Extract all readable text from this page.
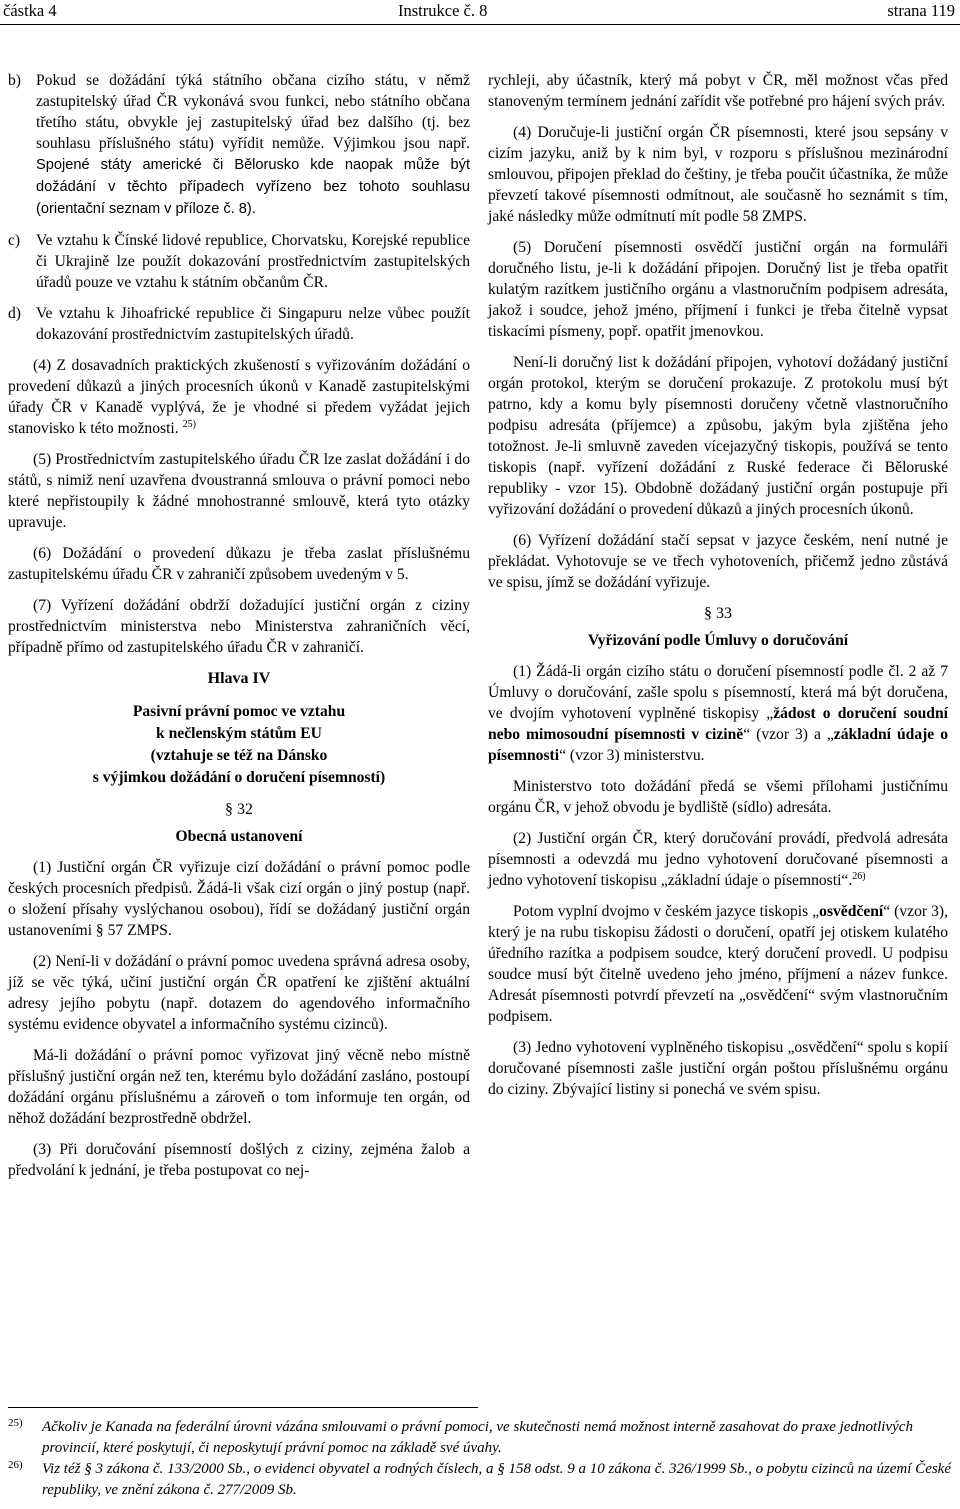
částka 4	Instrukce č. 8	strana 119
b) Pokud se dožádání týká státního občana cizího státu, v němž zastupitelský úřad ČR vykonává svou funkci, nebo státního občana třetího státu, obvykle jej zastupitelský úřad bez dalšího (tj. bez souhlasu příslušného státu) vyřídit nemůže. Výjimkou jsou např. Spojené státy americké či Bělorusko kde naopak může být dožádání v těchto případech vyřízeno bez tohoto souhlasu (orientační seznam v příloze č. 8).
c)	Ve vztahu k Čínské lidové republice, Chorvatsku, Korejské republice či Ukrajině lze použít dokazování prostřednictvím zastupitelských úřadů pouze ve vztahu k státním občanům ČR.
d) Ve vztahu k Jihoafrické republice či Singapuru nelze vůbec použít dokazování prostřednictvím zastupitelských úřadů.

(4) Z dosavadních praktických zkušeností s vyřizováním dožádání o provedení důkazů a jiných procesních úkonů v Kanadě zastupitelskými úřady ČR v Kanadě vyplývá, že je vhodné si předem vyžádat jejich stanovisko k této možnosti. $^{25)}$

(5) Prostřednictvím zastupitelského úřadu ČR lze zaslat dožádání i do států, s nimiž není uzavřena dvoustranná smlouva o právní pomoci nebo které nepřistoupily k žádné mnohostranné smlouvě, která tyto otázky upravuje.

(6) Dožádání o provedení důkazu je třeba zaslat příslušnému zastupitelskému úřadu ČR v zahraničí způsobem uvedeným v 5.

(7) Vyřízení dožádání obdrží dožadující justiční orgán z ciziny prostřednictvím ministerstva nebo Ministerstva zahraničních věcí, případně přímo od zastupitelského úřadu ČR v zahraničí.

Hlava IV
Pasivní právní pomoc ve vztahu
k nečlenským státům EU
(vztahuje se též na Dánsko
s výjimkou dožádání o doručení písemností)
§ 32
Obecná ustanovení

(1) Justiční orgán ČR vyřizuje cizí dožádání o právní pomoc podle českých procesních předpisů. Žádá-li však cizí orgán o jiný postup (např. o složení přísahy vyslýchanou osobou), řídí se dožádaný justiční orgán ustanoveními § 57 ZMPS.

(2) Není-li v dožádání o právní pomoc uvedena správná adresa osoby, jíž se věc týká, učiní justiční orgán ČR opatření ke zjištění aktuální adresy jejího pobytu (např. dotazem do agendového informačního systému evidence obyvatel a informačního systému cizinců).

Má-li dožádání o právní pomoc vyřizovat jiný věcně nebo místně příslušný justiční orgán než ten, kterému bylo dožádání zasláno, postoupí dožádání orgánu příslušnému a zároveň o tom informuje ten orgán, od něhož dožádání bezprostředně obdržel.

(3) Při doručování písemností došlých z ciziny, zejména žalob a předvolání k jednání, je třeba postupovat co nej-

rychleji, aby účastník, který má pobyt v ČR, měl možnost včas před stanoveným termínem jednání zařídit vše potřebné pro hájení svých práv.

(4) Doručuje-li justiční orgán ČR písemnosti, které jsou sepsány v cizím jazyku, aniž by k nim byl, v rozporu s příslušnou mezinárodní smlouvou, připojen překlad do češtiny, je třeba poučit účastníka, že může převzetí takové písemnosti odmítnout, ale současně ho seznámit s tím, jaké následky může odmítnutí mít podle 58 ZMPS.

(5) Doručení písemnosti osvědčí justiční orgán na formuláři doručného listu, je-li k dožádání připojen. Doručný list je třeba opatřit kulatým razítkem justičního orgánu a vlastnoručním podpisem adresáta, jakož i soudce, jehož jméno, příjmení i funkci je třeba čitelně vypsat tiskacími písmeny, popř. opatřit jmenovkou.

Není-li doručný list k dožádání připojen, vyhotoví dožádaný justiční orgán protokol, kterým se doručení prokazuje. Z protokolu musí být patrno, kdy a komu byly písemnosti doručeny včetně vlastnoručního podpisu adresáta (příjemce) a způsobu, jakým byla zjištěna jeho totožnost. Je-li smluvně zaveden vícejazyčný tiskopis, používá se tento tiskopis (např. vyřízení dožádání z Ruské federace či Běloruské republiky - vzor 15). Obdobně dožádaný justiční orgán postupuje při vyřizování dožádání o provedení důkazů a jiných procesních úkonů.

(6) Vyřízení dožádání stačí sepsat v jazyce českém, není nutné je překládat. Vyhotovuje se ve třech vyhotoveních, přičemž jedno zůstává ve spisu, jímž se dožádání vyřizuje.

§ 33
Vyřizování podle Úmluvy o doručování

(1) Žádá-li orgán cizího státu o doručení písemností podle čl. 2 až 7 Úmluvy o doručování, zašle spolu s písemností, která má být doručena, ve dvojím vyhotovení vyplněné tiskopisy „žádost o doručení soudní nebo mimosoudní písemnosti v cizině“ (vzor 3) a „základní údaje o písemnosti“ (vzor 3) ministerstvu.

Ministerstvo toto dožádání předá se všemi přílohami justičnímu orgánu ČR, v jehož obvodu je bydliště (sídlo) adresáta.

(2) Justiční orgán ČR, který doručování provádí, předvolá adresáta písemnosti a odevzdá mu jedno vyhotovení doručované písemnosti a jedno vyhotovení tiskopisu „základní údaje o písemnosti“.$^{26)}$

Potom vyplní dvojmo v českém jazyce tiskopis „osvědčení“ (vzor 3), který je na rubu tiskopisu žádosti o doručení, opatří jej otiskem kulatého úředního razítka a podpisem soudce, který doručení provedl. U podpisu soudce musí být čitelně uvedeno jeho jméno, příjmení a název funkce. Adresát písemnosti potvrdí převzetí na „osvědčení“ svým vlastnoručním podpisem.

(3) Jedno vyhotovení vyplněného tiskopisu „osvědčení“ spolu s kopií doručované písemnosti zašle justiční orgán poštou příslušnému orgánu do ciziny. Zbývající listiny si ponechá ve svém spisu.

$^{25)}$	Ačkoliv je Kanada na federální úrovni vázána smlouvami o právní pomoci, ve skutečnosti nemá možnost interně zasahovat do praxe jednotlivých provincií, které poskytují, či neposkytují právní pomoc na základě své úvahy.
$^{26)}$	Viz též § 3 zákona č. 133/2000 Sb., o evidenci obyvatel a rodných číslech, a § 158 odst. 9 a 10 zákona č. 326/1999 Sb., o pobytu cizinců na území České republiky, ve znění zákona č. 277/2009 Sb.
